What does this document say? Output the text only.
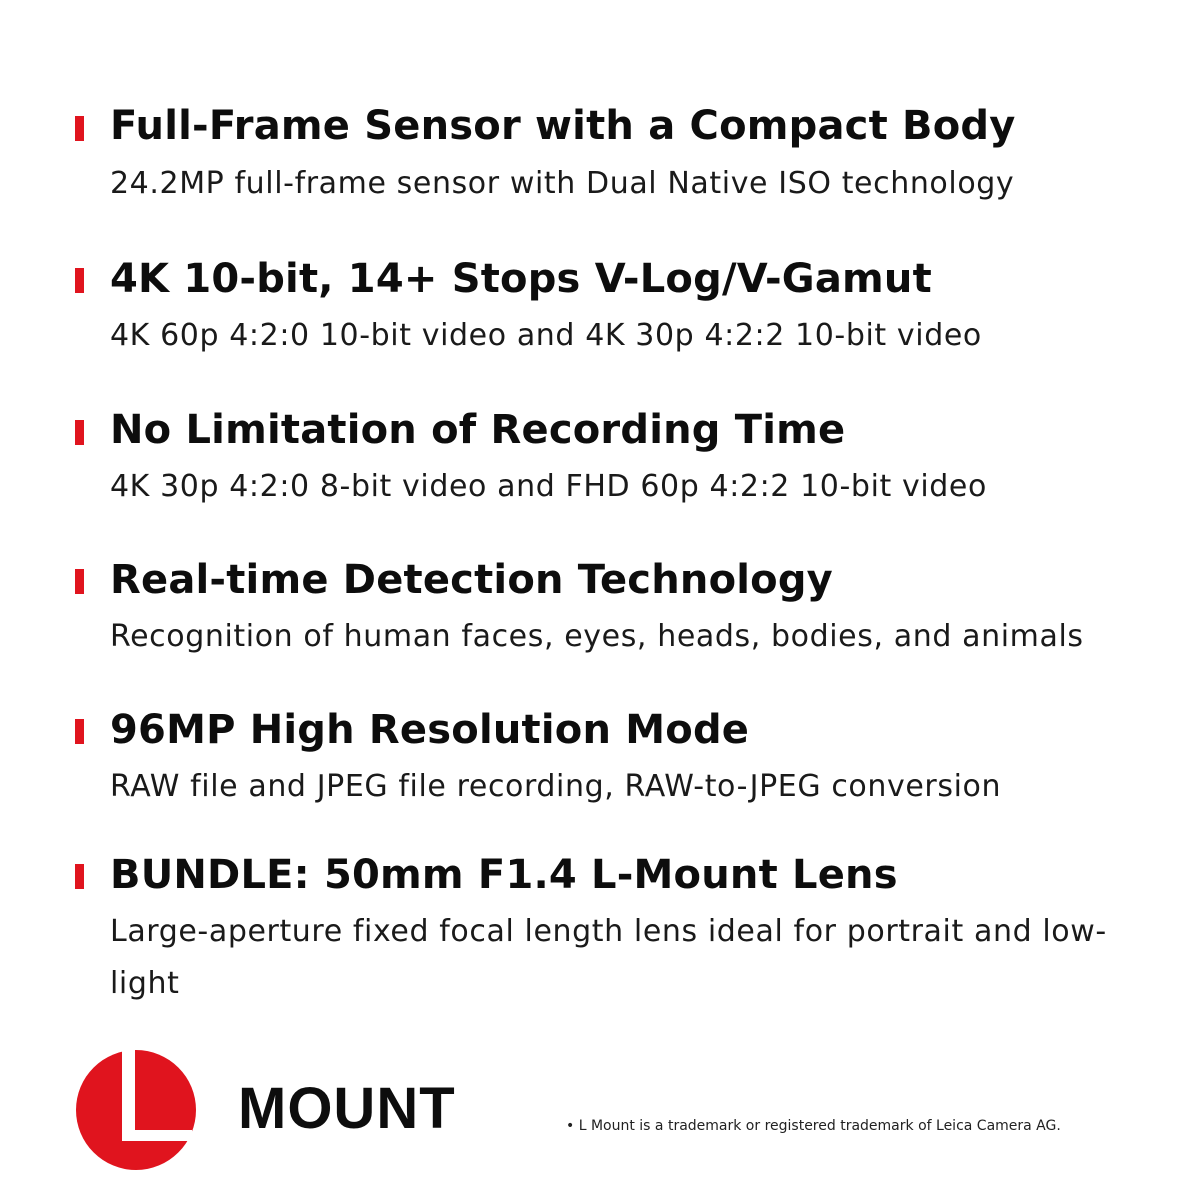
Full-Frame Sensor with a Compact Body
24.2MP full-frame sensor with Dual Native ISO technology
4K 10-bit, 14+ Stops V-Log/V-Gamut
4K 60p 4:2:0 10-bit video and 4K 30p 4:2:2 10-bit video
No Limitation of Recording Time
4K 30p 4:2:0 8-bit video and FHD 60p 4:2:2 10-bit video
Real-time Detection Technology
Recognition of human faces, eyes, heads, bodies, and animals
96MP High Resolution Mode
RAW file and JPEG file recording, RAW-to-JPEG conversion
BUNDLE: 50mm F1.4 L-Mount Lens
Large-aperture fixed focal length lens ideal for portrait and low-light
MOUNT	• L Mount is a trademark or registered trademark of Leica Camera AG.
